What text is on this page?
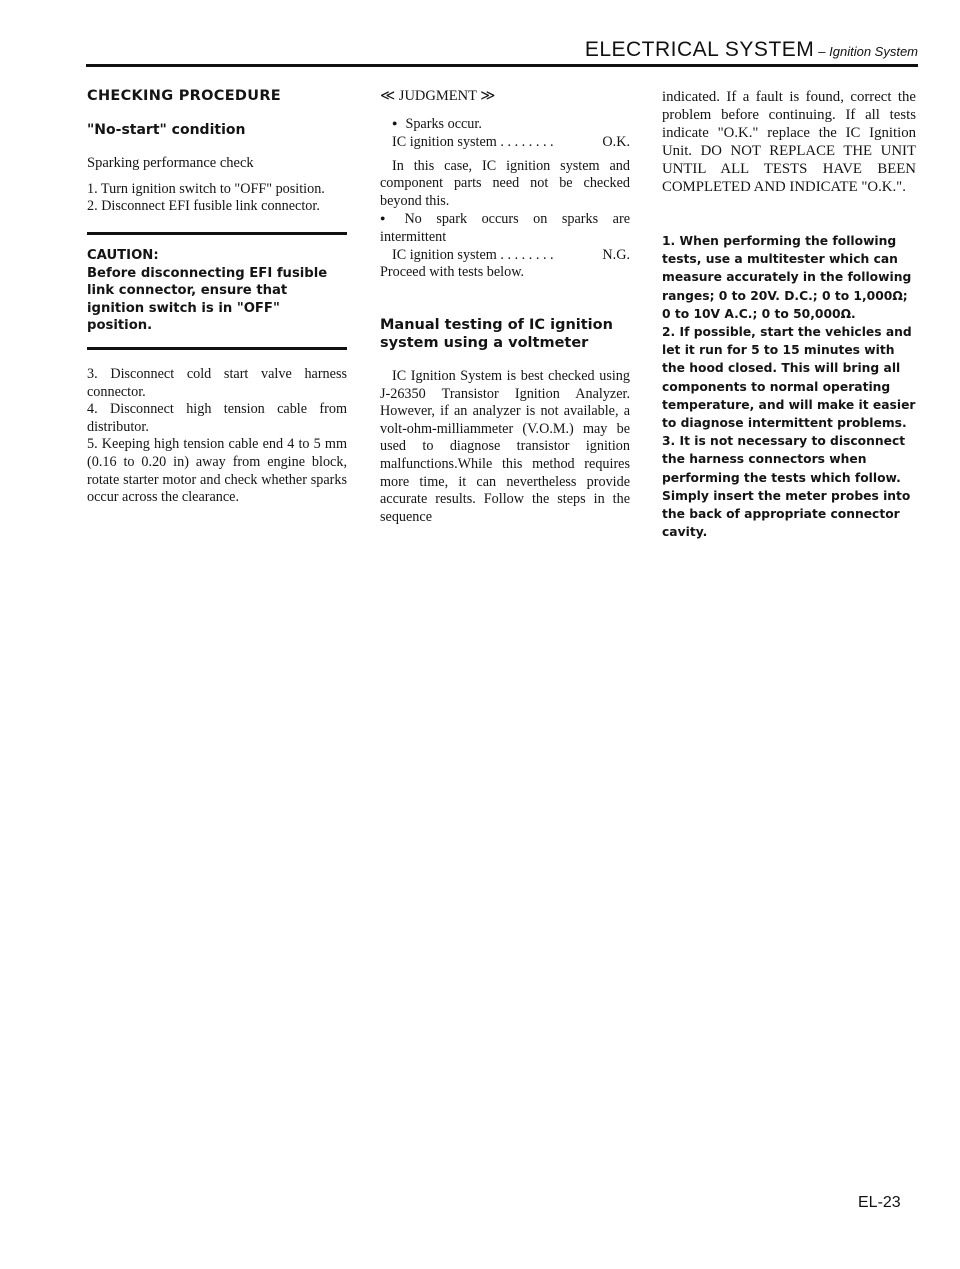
ELECTRICAL SYSTEM – Ignition System
CHECKING PROCEDURE
"No-start" condition
Sparking performance check

1. Turn ignition switch to "OFF" position.

2. Disconnect EFI fusible link connector.

CAUTION:
Before disconnecting EFI fusible link connector, ensure that ignition switch is in "OFF" position.

3. Disconnect cold start valve harness connector.

4. Disconnect high tension cable from distributor.

5. Keeping high tension cable end 4 to 5 mm (0.16 to 0.20 in) away from engine block, rotate starter motor and check whether sparks occur across the clearance.

≪ JUDGMENT ≫

● Sparks occur.

IC ignition system . . . . . . . .	O.K.

In this case, IC ignition system and component parts need not be checked beyond this.

● No spark occurs on sparks are intermittent

IC ignition system . . . . . . . .	N.G.

Proceed with tests below.

Manual testing of IC ignition system using a voltmeter

IC Ignition System is best checked using J-26350 Transistor Ignition Analyzer. However, if an analyzer is not available, a volt-ohm-milliammeter (V.O.M.) may be used to diagnose transistor ignition malfunctions.While this method requires more time, it can nevertheless provide accurate results. Follow the steps in the sequence

indicated. If a fault is found, correct the problem before continuing. If all tests indicate "O.K." replace the IC Ignition Unit. DO NOT REPLACE THE UNIT UNTIL ALL TESTS HAVE BEEN COMPLETED AND INDICATE "O.K.".

1. When performing the following tests, use a multitester which can measure accurately in the following ranges; 0 to 20V. D.C.; 0 to 1,000Ω; 0 to 10V A.C.; 0 to 50,000Ω.

2. If possible, start the vehicles and let it run for 5 to 15 minutes with the hood closed. This will bring all components to normal operating temperature, and will make it easier to diagnose intermittent problems.

3. It is not necessary to disconnect the harness connectors when performing the tests which follow. Simply insert the meter probes into the back of appropriate connector cavity.

EL-23
